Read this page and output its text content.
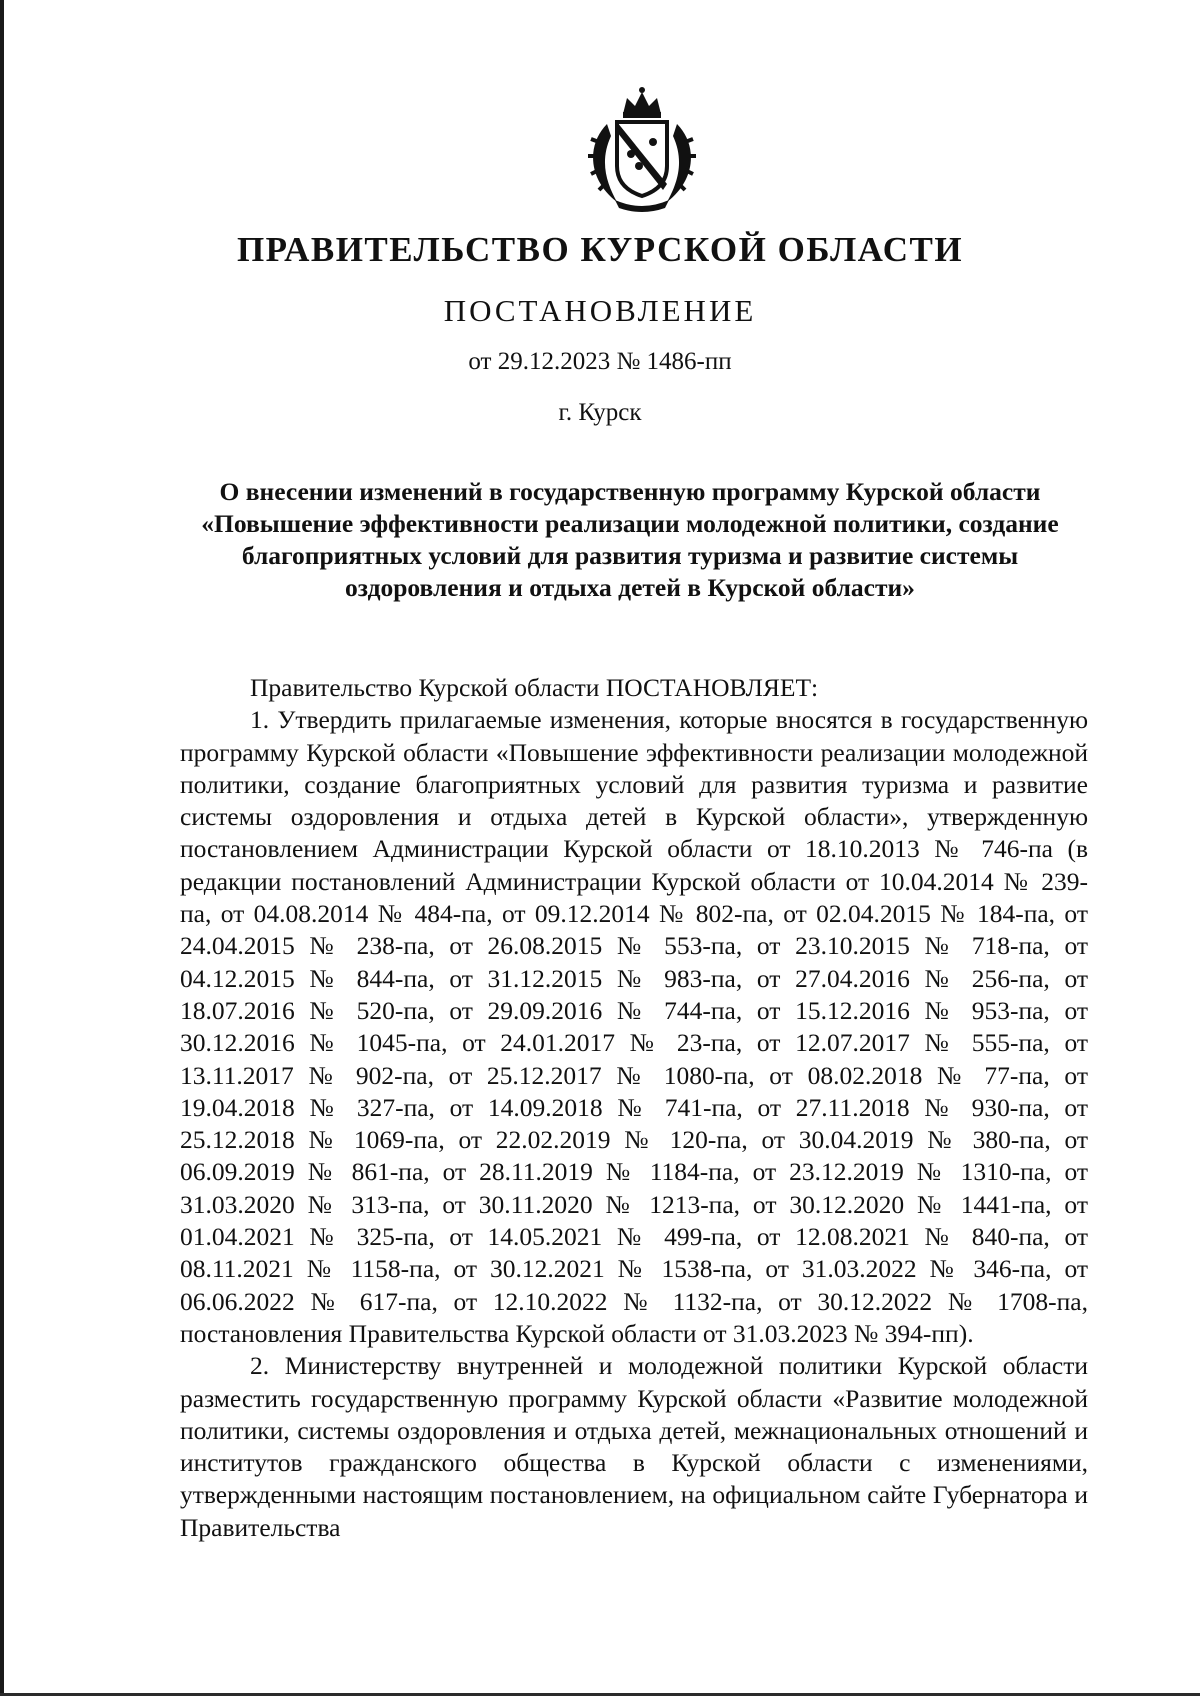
ПРАВИТЕЛЬСТВО КУРСКОЙ ОБЛАСТИ
ПОСТАНОВЛЕНИЕ
от 29.12.2023 № 1486-пп
г. Курск
О внесении изменений в государственную программу Курской области «Повышение эффективности реализации молодежной политики, создание благоприятных условий для развития туризма и развитие системы оздоровления и отдыха детей в Курской области»

Правительство Курской области ПОСТАНОВЛЯЕТ:

1. Утвердить прилагаемые изменения, которые вносятся в государственную программу Курской области «Повышение эффективности реализации молодежной политики, создание благоприятных условий для развития туризма и развитие системы оздоровления и отдыха детей в Курской области», утвержденную постановлением Администрации Курской области от 18.10.2013 № 746-па (в редакции постановлений Администрации Курской области от 10.04.2014 № 239-па, от 04.08.2014 № 484-па, от 09.12.2014 № 802-па, от 02.04.2015 № 184-па, от 24.04.2015 № 238-па, от 26.08.2015 № 553-па, от 23.10.2015 № 718-па, от 04.12.2015 № 844-па, от 31.12.2015 № 983-па, от 27.04.2016 № 256-па, от 18.07.2016 № 520-па, от 29.09.2016 № 744-па, от 15.12.2016 № 953-па, от 30.12.2016 № 1045-па, от 24.01.2017 № 23-па, от 12.07.2017 № 555-па, от 13.11.2017 № 902-па, от 25.12.2017 № 1080-па, от 08.02.2018 № 77-па, от 19.04.2018 № 327-па, от 14.09.2018 № 741-па, от 27.11.2018 № 930-па, от 25.12.2018 № 1069-па, от 22.02.2019 № 120-па, от 30.04.2019 № 380-па, от 06.09.2019 № 861-па, от 28.11.2019 № 1184-па, от 23.12.2019 № 1310-па, от 31.03.2020 № 313-па, от 30.11.2020 № 1213-па, от 30.12.2020 № 1441-па, от 01.04.2021 № 325-па, от 14.05.2021 № 499-па, от 12.08.2021 № 840-па, от 08.11.2021 № 1158-па, от 30.12.2021 № 1538-па, от 31.03.2022 № 346-па, от 06.06.2022 № 617-па, от 12.10.2022 № 1132-па, от 30.12.2022 № 1708-па, постановления Правительства Курской области от 31.03.2023 № 394-пп).

2. Министерству внутренней и молодежной политики Курской области разместить государственную программу Курской области «Развитие молодежной политики, системы оздоровления и отдыха детей, межнациональных отношений и институтов гражданского общества в Курской области с изменениями, утвержденными настоящим постановлением, на официальном сайте Губернатора и Правительства
